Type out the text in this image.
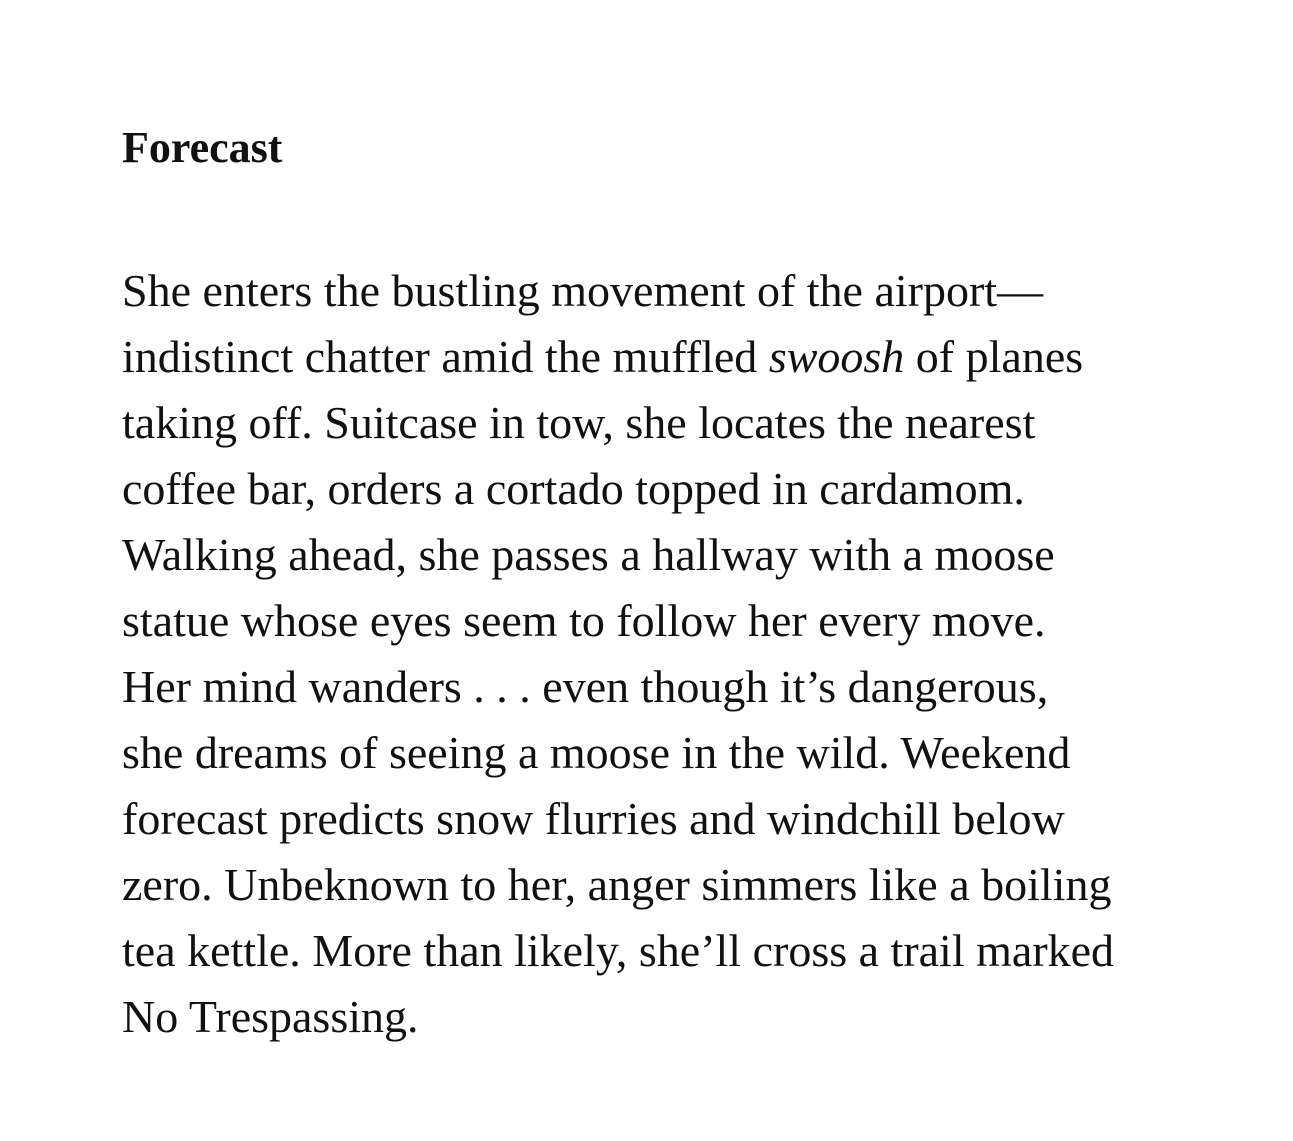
Forecast
She enters the bustling movement of the airport—
indistinct chatter amid the muffled swoosh of planes
taking off. Suitcase in tow, she locates the nearest
coffee bar, orders a cortado topped in cardamom.
Walking ahead, she passes a hallway with a moose
statue whose eyes seem to follow her every move.
Her mind wanders . . . even though it’s dangerous,
she dreams of seeing a moose in the wild. Weekend
forecast predicts snow flurries and windchill below
zero. Unbeknown to her, anger simmers like a boiling
tea kettle. More than likely, she’ll cross a trail marked
No Trespassing.
